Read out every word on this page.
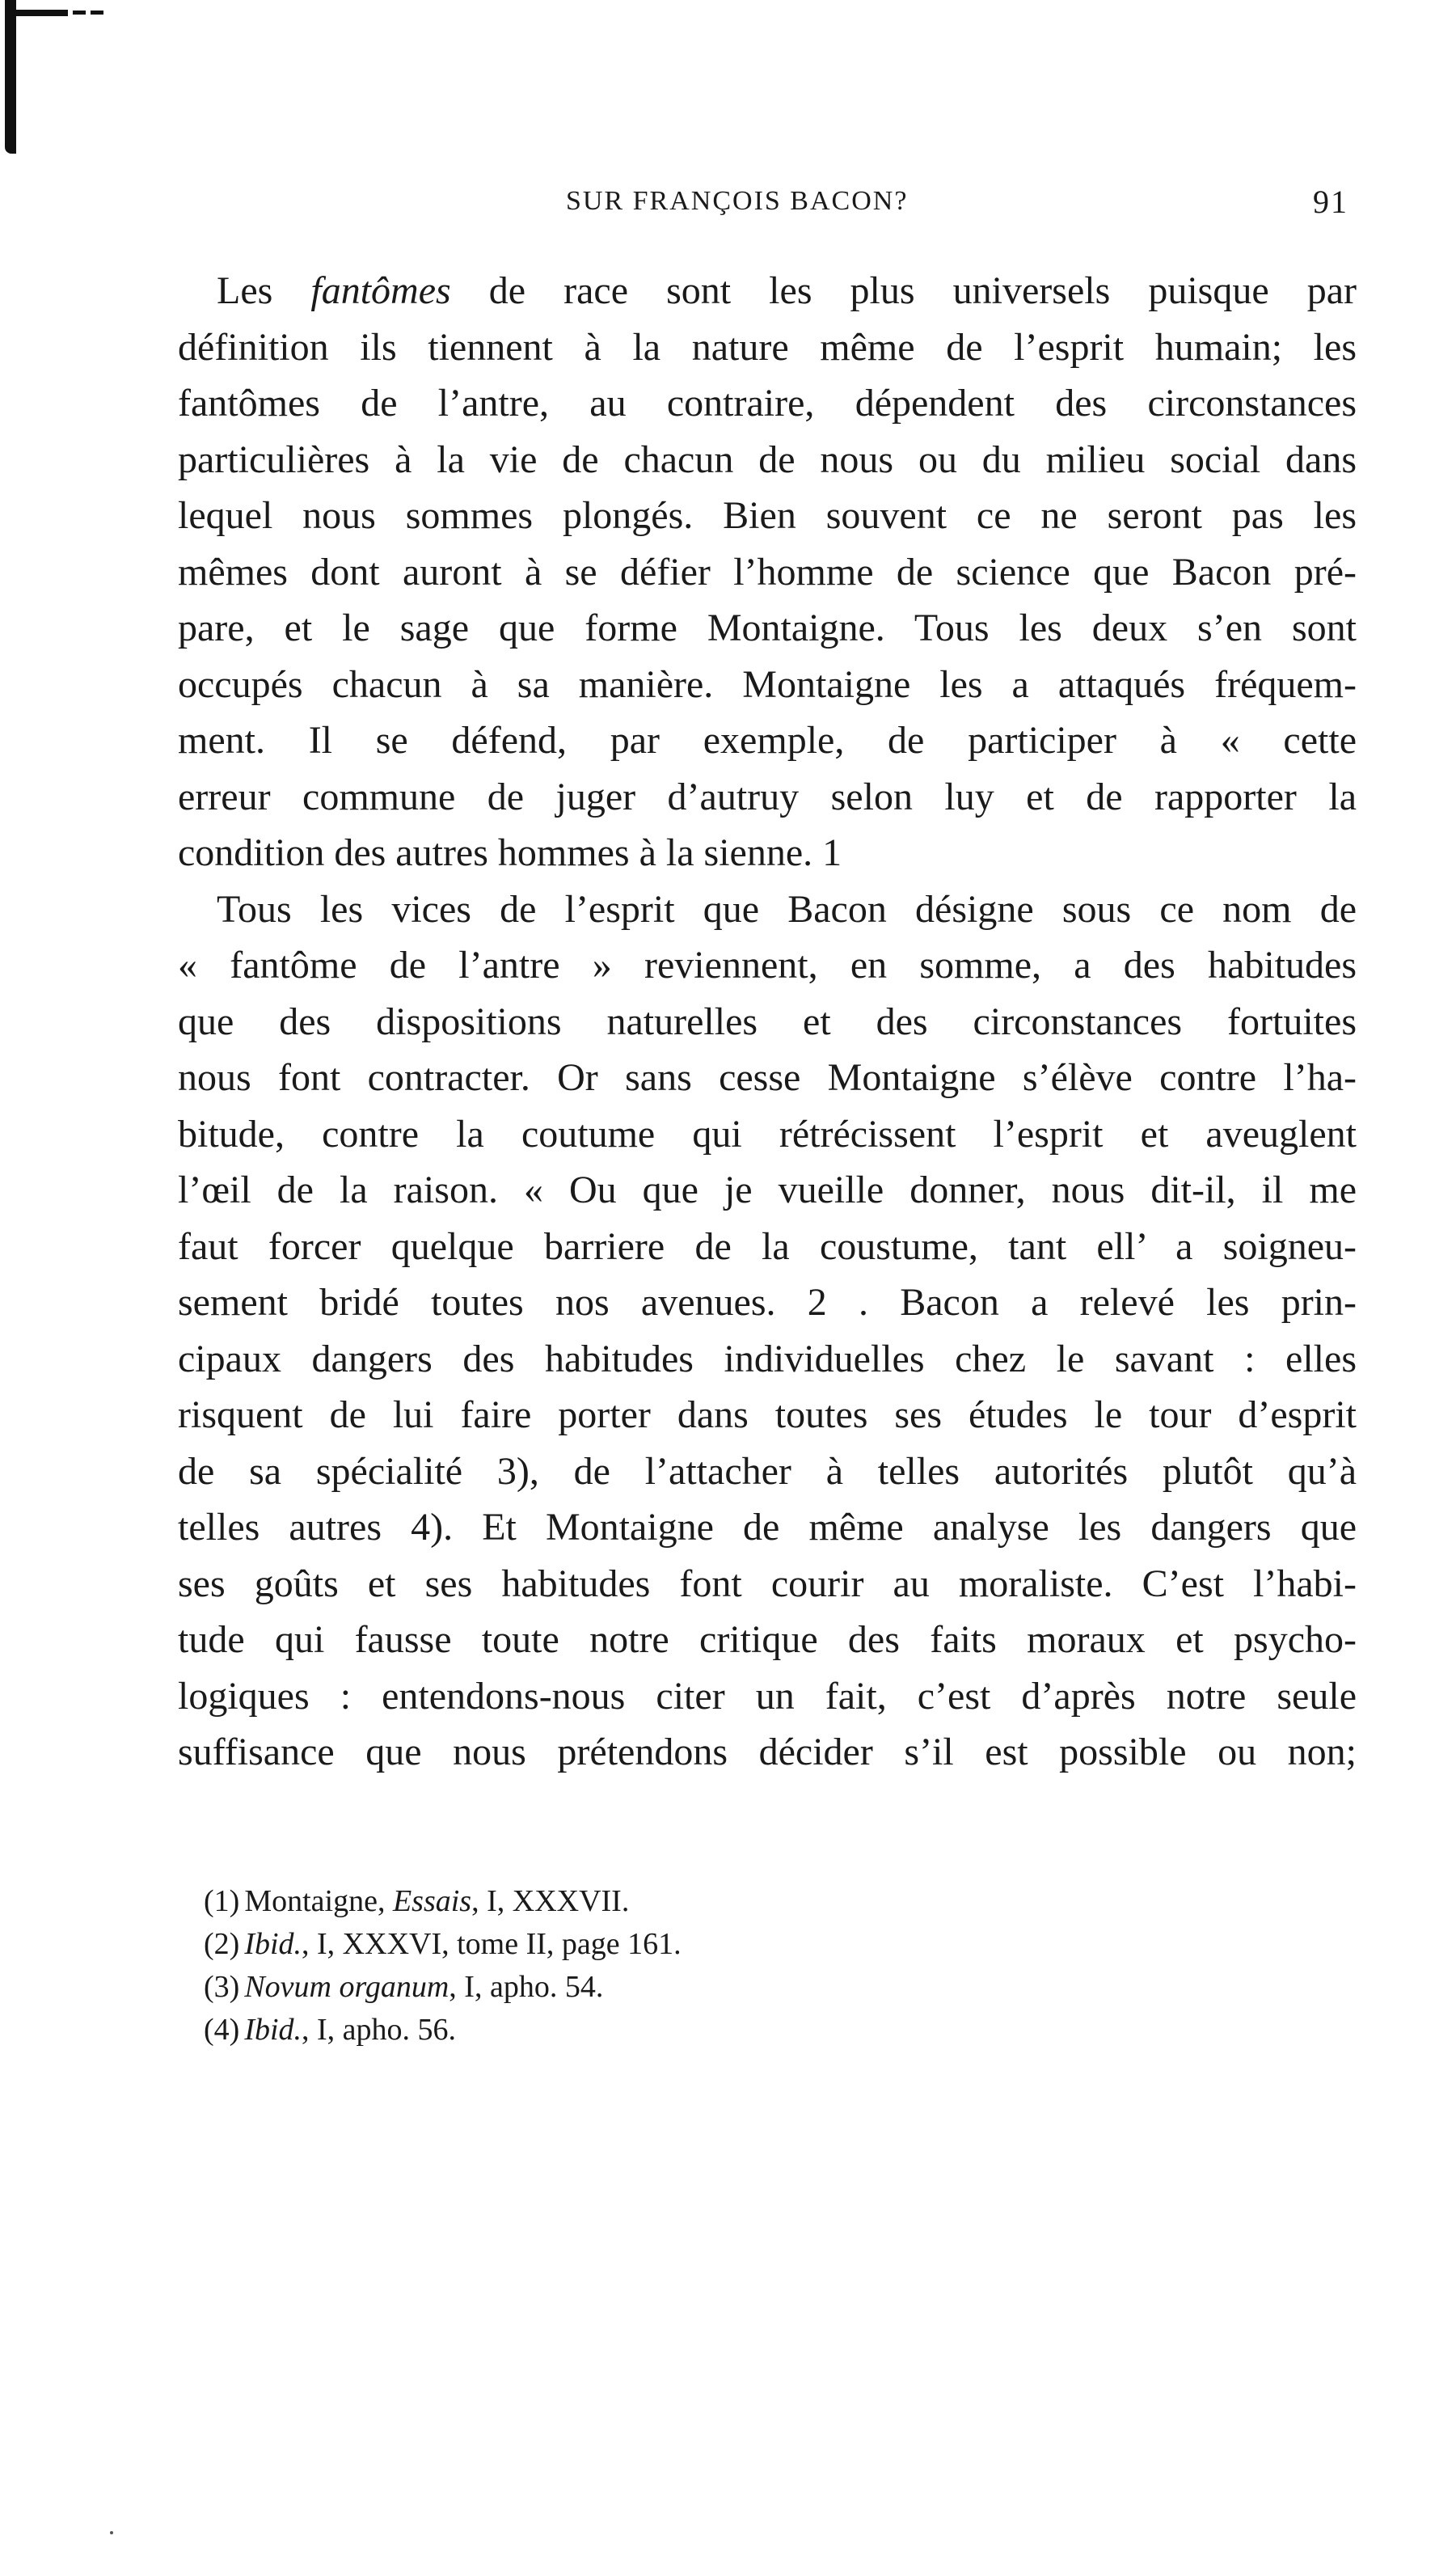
SUR FRANÇOIS BACON?	91
Les fantômes de race sont les plus universels puisque par
définition ils tiennent à la nature même de l’esprit humain; les
fantômes de l’antre, au contraire, dépendent des circonstances
particulières à la vie de chacun de nous ou du milieu social dans
lequel nous sommes plongés. Bien souvent ce ne seront pas les
mêmes dont auront à se défier l’homme de science que Bacon pré-
pare, et le sage que forme Montaigne. Tous les deux s’en sont
occupés chacun à sa manière. Montaigne les a attaqués fréquem-
ment. Il se défend, par exemple, de participer à « cette
erreur commune de juger d’autruy selon luy et de rapporter la
condition des autres hommes à la sienne. 1
Tous les vices de l’esprit que Bacon désigne sous ce nom de
« fantôme de l’antre » reviennent, en somme, a des habitudes
que des dispositions naturelles et des circonstances fortuites
nous font contracter. Or sans cesse Montaigne s’élève contre l’ha-
bitude, contre la coutume qui rétrécissent l’esprit et aveuglent
l’œil de la raison. « Ou que je vueille donner, nous dit-il, il me
faut forcer quelque barriere de la coustume, tant ell’ a soigneu-
sement bridé toutes nos avenues. 2 . Bacon a relevé les prin-
cipaux dangers des habitudes individuelles chez le savant : elles
risquent de lui faire porter dans toutes ses études le tour d’esprit
de sa spécialité 3), de l’attacher à telles autorités plutôt qu’à
telles autres 4). Et Montaigne de même analyse les dangers que
ses goûts et ses habitudes font courir au moraliste. C’est l’habi-
tude qui fausse toute notre critique des faits moraux et psycho-
logiques : entendons-nous citer un fait, c’est d’après notre seule
suffisance que nous prétendons décider s’il est possible ou non;
(1) Montaigne, Essais, I, XXXVII.
(2) Ibid., I, XXXVI, tome II, page 161.
(3) Novum organum, I, apho. 54.
(4) Ibid., I, apho. 56.
